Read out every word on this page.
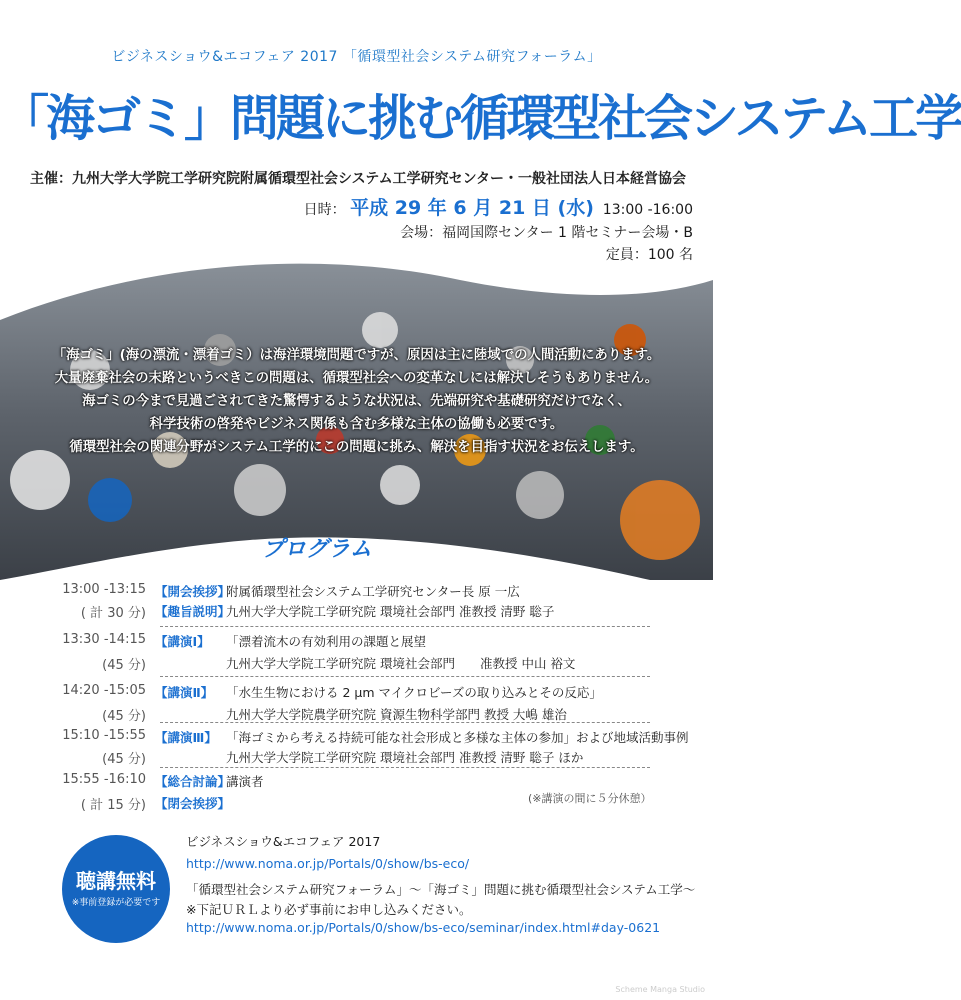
ビジネスショウ&エコフェア 2017 「循環型社会システム研究フォーラム」
「海ゴミ」問題に挑む循環型社会システム工学
主催：九州大学大学院工学研究院附属循環型社会システム工学研究センター・一般社団法人日本経営協会
日時： 平成 29 年 6 月 21 日 (水) 13:00 -16:00
会場：福岡国際センター 1 階セミナー会場・B
定員：100 名
「海ゴミ」(海の漂流・漂着ゴミ）は海洋環境問題ですが、原因は主に陸域での人間活動にあります。
大量廃棄社会の末路というべきこの問題は、循環型社会への変革なしには解決しそうもありません。
海ゴミの今まで見過ごされてきた驚愕するような状況は、先端研究や基礎研究だけでなく、
科学技術の啓発やビジネス関係も含む多様な主体の協働も必要です。
循環型社会の関連分野がシステム工学的にこの問題に挑み、解決を目指す状況をお伝えします。
プログラム
13:00 -13:15
( 計 30 分)
【開会挨拶】
附属循環型社会システム工学研究センター長 原 一広
【趣旨説明】
九州大学大学院工学研究院 環境社会部門 准教授 清野 聡子
13:30 -14:15
(45 分)
【講演Ⅰ】 「漂着流木の有効利用の課題と展望
九州大学大学院工学研究院 環境社会部門　　准教授 中山 裕文
14:20 -15:05
(45 分)
【講演Ⅱ】 「水生生物における 2 μm マイクロビーズの取り込みとその反応」
九州大学大学院農学研究院 資源生物科学部門 教授 大嶋 雄治
15:10 -15:55
(45 分)
【講演Ⅲ】 「海ゴミから考える持続可能な社会形成と多様な主体の参加」および地域活動事例
九州大学大学院工学研究院 環境社会部門 准教授 清野 聡子 ほか
15:55 -16:10
( 計 15 分)
【総合討論】
講演者
【閉会挨拶】	(※講演の間に５分休憩）
聴講無料
※事前登録が必要です
ビジネスショウ&エコフェア 2017
http://www.noma.or.jp/Portals/0/show/bs-eco/
「循環型社会システム研究フォーラム」～「海ゴミ」問題に挑む循環型社会システム工学～
※下記ＵＲＬより必ず事前にお申し込みください。
http://www.noma.or.jp/Portals/0/show/bs-eco/seminar/index.html#day-0621
Scheme Manga Studio
